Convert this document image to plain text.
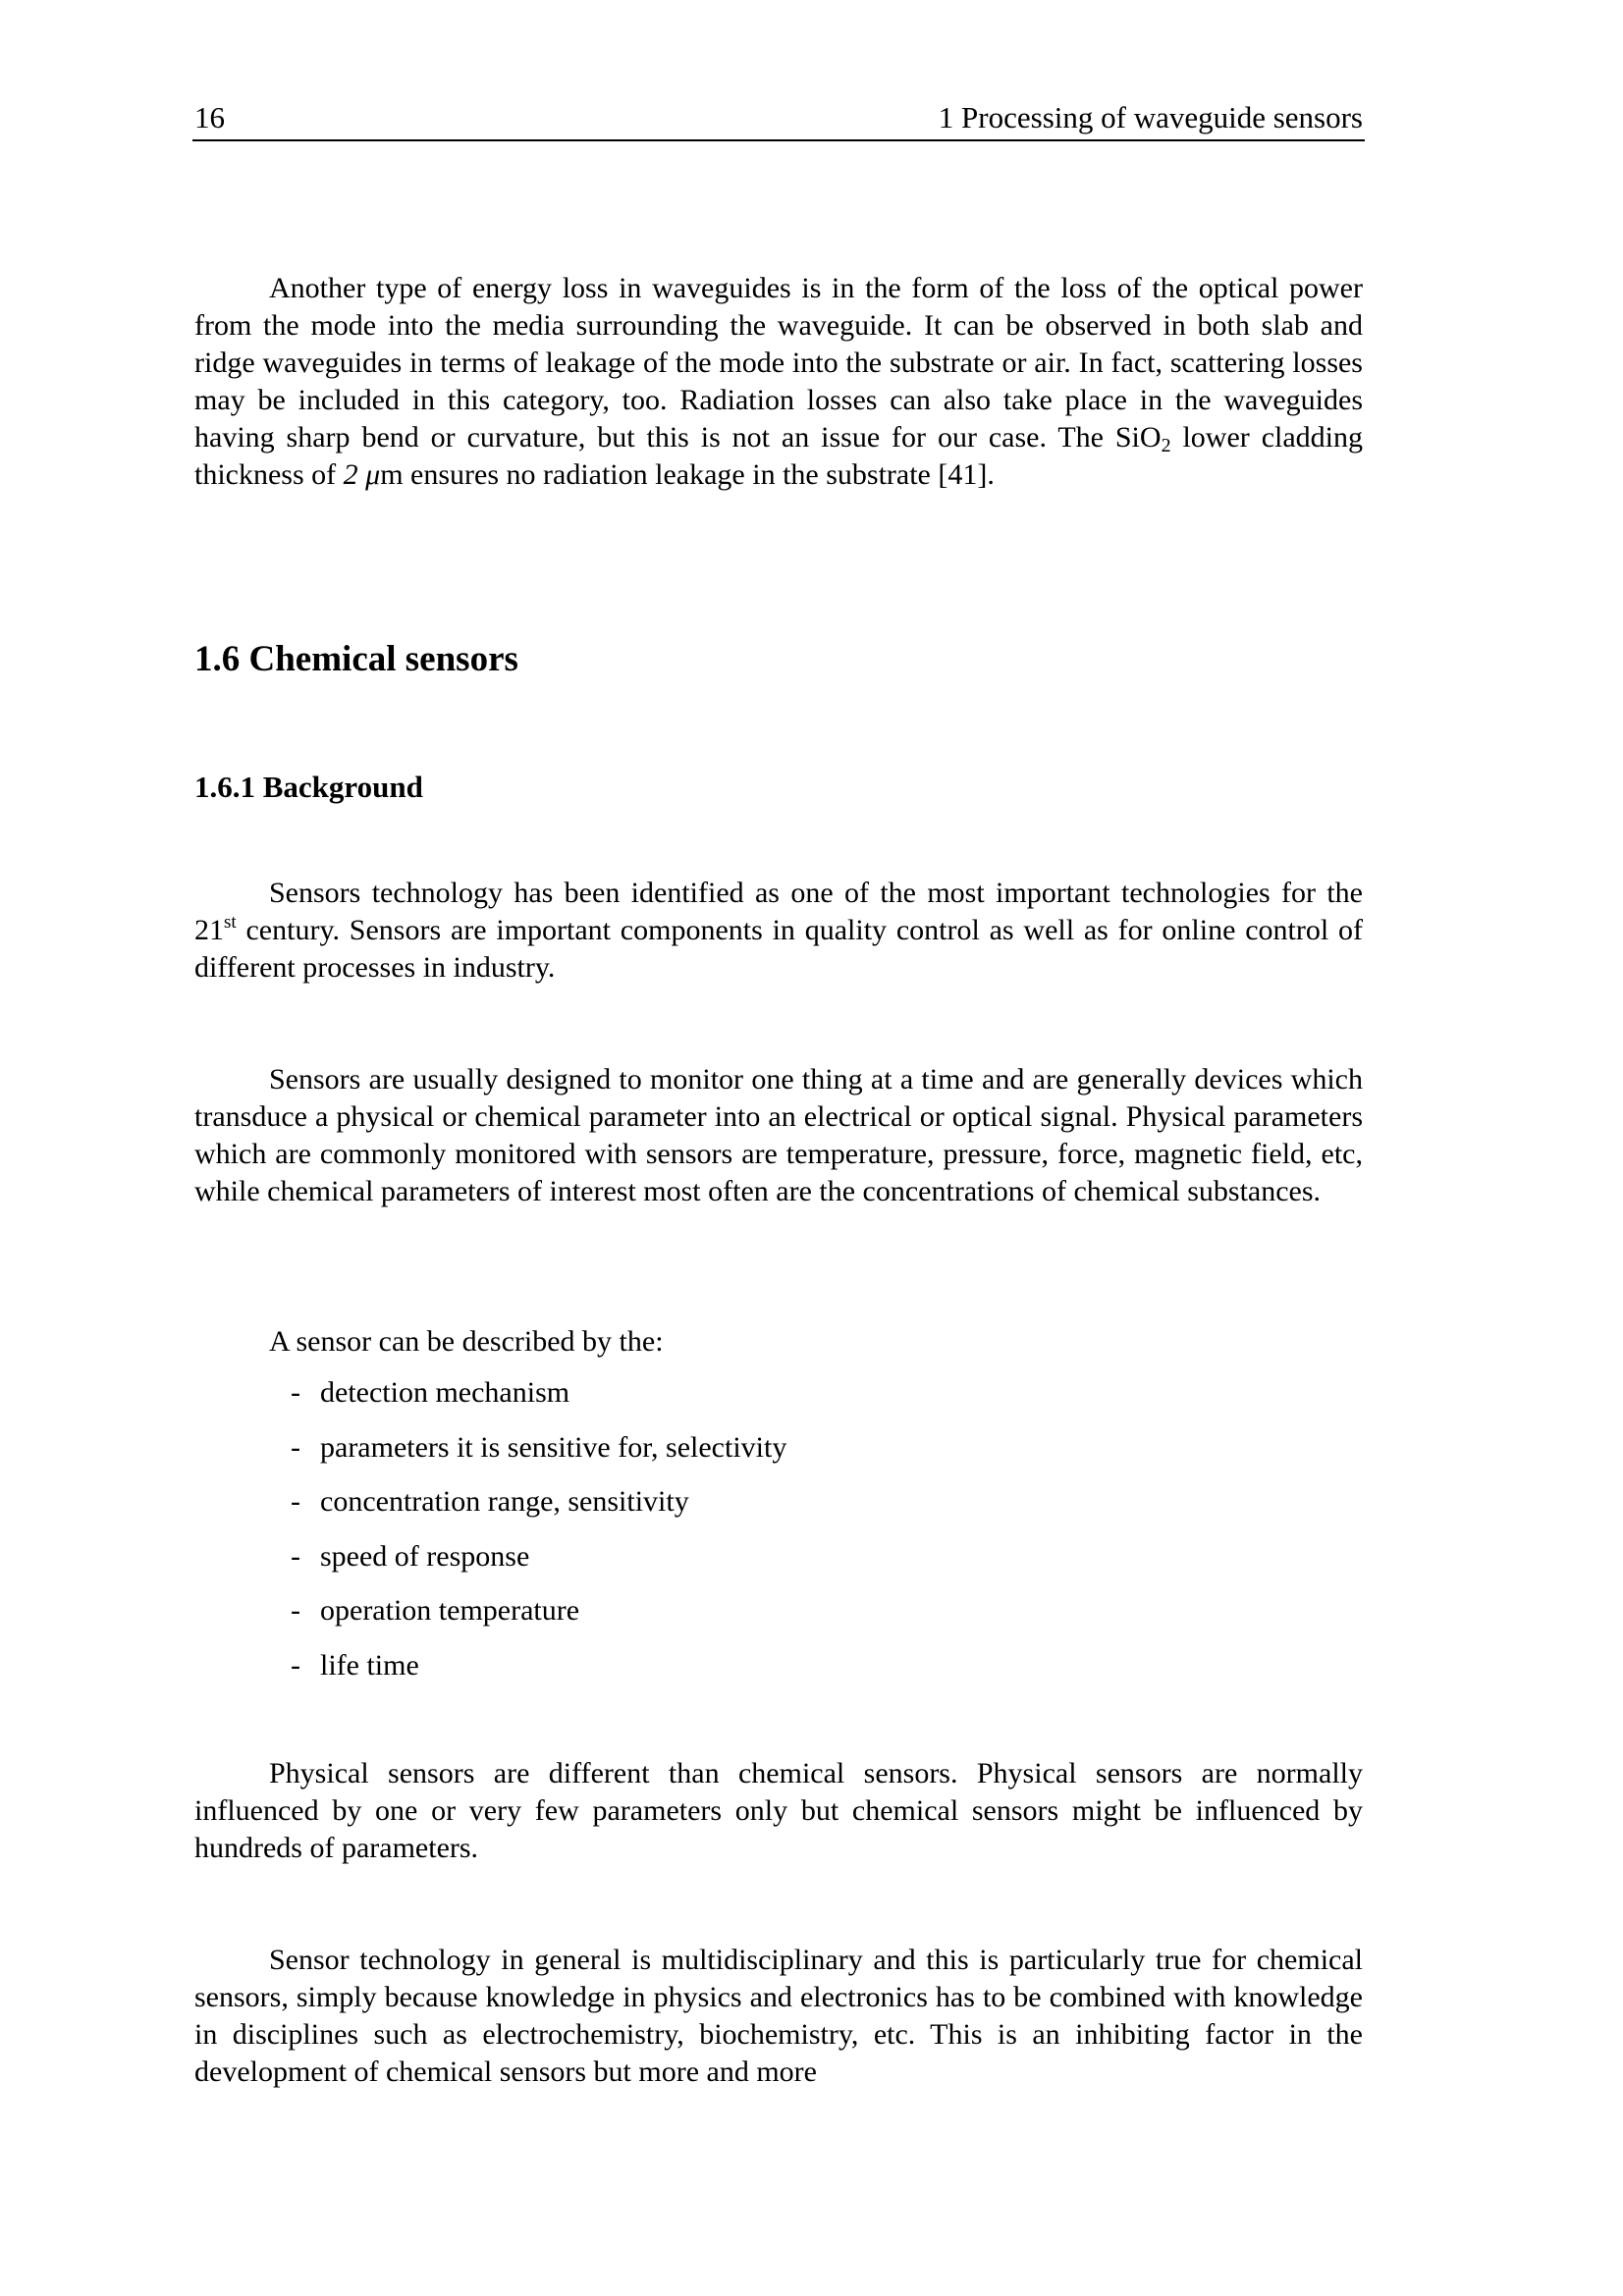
16	1 Processing of waveguide sensors

Another type of energy loss in waveguides is in the form of the loss of the optical power from the mode into the media surrounding the waveguide. It can be observed in both slab and ridge waveguides in terms of leakage of the mode into the substrate or air. In fact, scattering losses may be included in this category, too. Radiation losses can also take place in the waveguides having sharp bend or curvature, but this is not an issue for our case. The SiO$_2$ lower cladding thickness of 2 μm ensures no radiation leakage in the substrate [41].

1.6 Chemical sensors
1.6.1 Background

Sensors technology has been identified as one of the most important technologies for the 21st century. Sensors are important components in quality control as well as for online control of different processes in industry.

Sensors are usually designed to monitor one thing at a time and are generally devices which transduce a physical or chemical parameter into an electrical or optical signal. Physical parameters which are commonly monitored with sensors are temperature, pressure, force, magnetic field, etc, while chemical parameters of interest most often are the concentrations of chemical substances.

A sensor can be described by the:
- detection mechanism
- parameters it is sensitive for, selectivity
- concentration range, sensitivity
- speed of response
- operation temperature
- life time

Physical sensors are different than chemical sensors. Physical sensors are normally influenced by one or very few parameters only but chemical sensors might be influenced by hundreds of parameters.

Sensor technology in general is multidisciplinary and this is particularly true for chemical sensors, simply because knowledge in physics and electronics has to be combined with knowledge in disciplines such as electrochemistry, biochemistry, etc. This is an inhibiting factor in the development of chemical sensors but more and more
